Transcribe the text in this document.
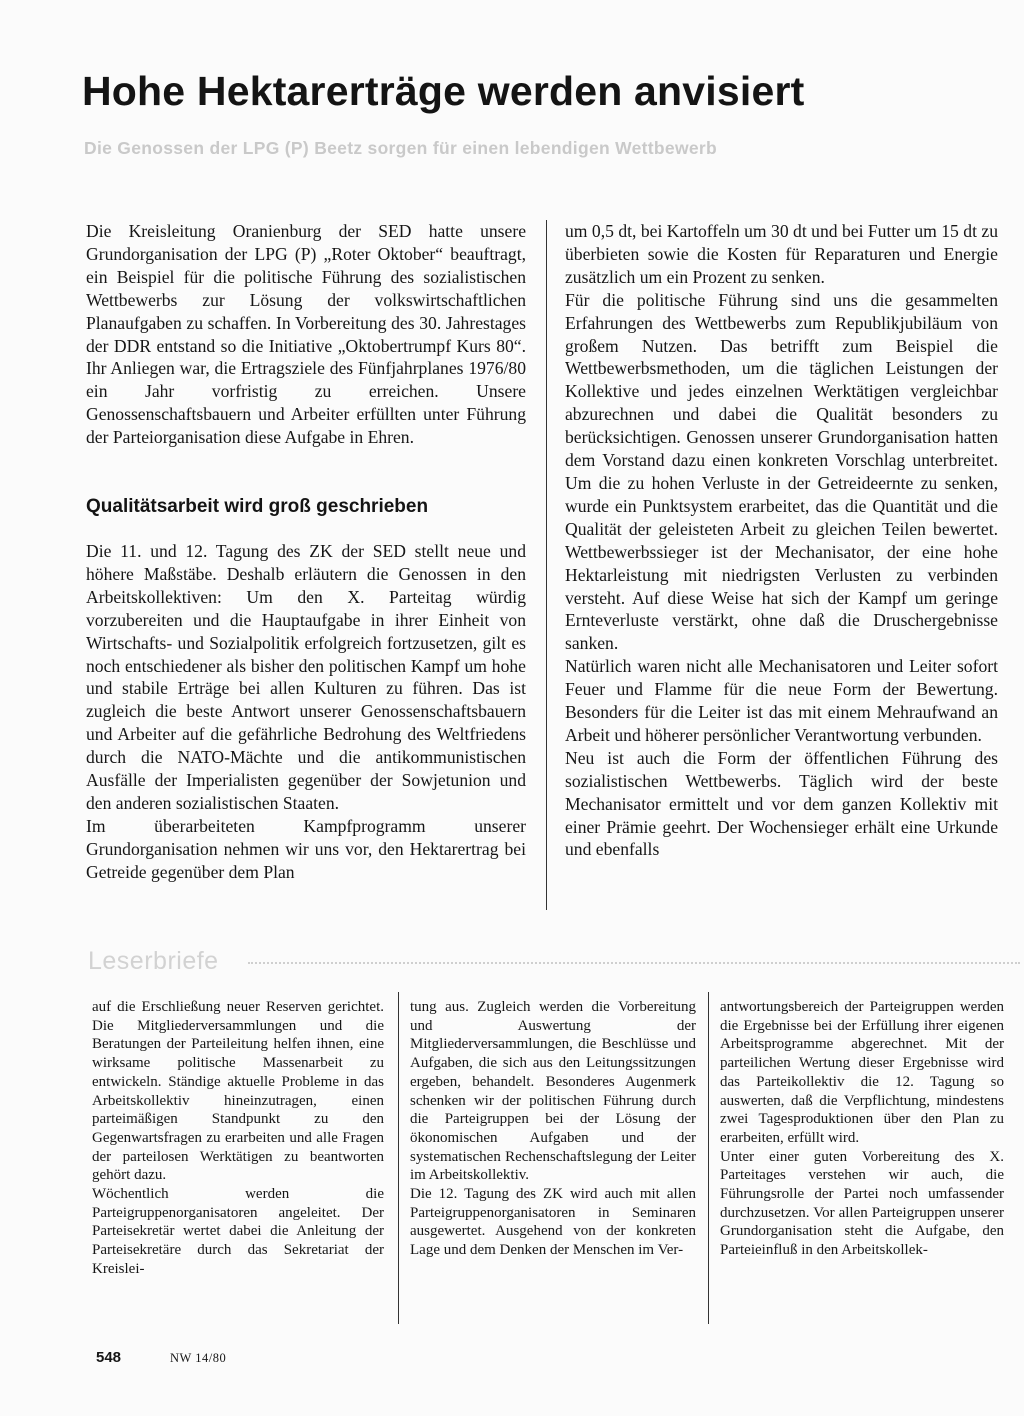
Hohe Hektarerträge werden anvisiert

Die Genossen der LPG (P) Beetz sorgen für einen lebendigen Wettbewerb

Die Kreisleitung Oranienburg der SED hatte unsere Grundorganisation der LPG (P) „Roter Oktober“ beauftragt, ein Beispiel für die politische Führung des sozialistischen Wettbewerbs zur Lösung der volkswirtschaftlichen Planaufgaben zu schaffen. In Vorbereitung des 30. Jahrestages der DDR entstand so die Initiative „Oktobertrumpf Kurs 80“. Ihr Anliegen war, die Ertragsziele des Fünfjahrplanes 1976/80 ein Jahr vorfristig zu erreichen. Unsere Genossenschaftsbauern und Arbeiter erfüllten unter Führung der Parteiorganisation diese Aufgabe in Ehren.

Qualitätsarbeit wird groß geschrieben

Die 11. und 12. Tagung des ZK der SED stellt neue und höhere Maßstäbe. Deshalb erläutern die Genossen in den Arbeitskollektiven: Um den X. Parteitag würdig vorzubereiten und die Hauptaufgabe in ihrer Einheit von Wirtschafts- und Sozialpolitik erfolgreich fortzusetzen, gilt es noch entschiedener als bisher den politischen Kampf um hohe und stabile Erträge bei allen Kulturen zu führen. Das ist zugleich die beste Antwort unserer Genossenschaftsbauern und Arbeiter auf die gefährliche Bedrohung des Weltfriedens durch die NATO-Mächte und die antikommunistischen Ausfälle der Imperialisten gegenüber der Sowjetunion und den anderen sozialistischen Staaten.

Im überarbeiteten Kampfprogramm unserer Grundorganisation nehmen wir uns vor, den Hektarertrag bei Getreide gegenüber dem Plan

um 0,5 dt, bei Kartoffeln um 30 dt und bei Futter um 15 dt zu überbieten sowie die Kosten für Reparaturen und Energie zusätzlich um ein Prozent zu senken.

Für die politische Führung sind uns die gesammelten Erfahrungen des Wettbewerbs zum Republikjubiläum von großem Nutzen. Das betrifft zum Beispiel die Wettbewerbsmethoden, um die täglichen Leistungen der Kollektive und jedes einzelnen Werktätigen vergleichbar abzurechnen und dabei die Qualität besonders zu berücksichtigen. Genossen unserer Grundorganisation hatten dem Vorstand dazu einen konkreten Vorschlag unterbreitet. Um die zu hohen Verluste in der Getreideernte zu senken, wurde ein Punktsystem erarbeitet, das die Quantität und die Qualität der geleisteten Arbeit zu gleichen Teilen bewertet. Wettbewerbssieger ist der Mechanisator, der eine hohe Hektarleistung mit niedrigsten Verlusten zu verbinden versteht. Auf diese Weise hat sich der Kampf um geringe Ernteverluste verstärkt, ohne daß die Druschergebnisse sanken.

Natürlich waren nicht alle Mechanisatoren und Leiter sofort Feuer und Flamme für die neue Form der Bewertung. Besonders für die Leiter ist das mit einem Mehraufwand an Arbeit und höherer persönlicher Verantwortung verbunden.

Neu ist auch die Form der öffentlichen Führung des sozialistischen Wettbewerbs. Täglich wird der beste Mechanisator ermittelt und vor dem ganzen Kollektiv mit einer Prämie geehrt. Der Wochensieger erhält eine Urkunde und ebenfalls

Leserbriefe

auf die Erschließung neuer Reserven gerichtet. Die Mitgliederversammlungen und die Beratungen der Parteileitung helfen ihnen, eine wirksame politische Massenarbeit zu entwickeln. Ständige aktuelle Probleme in das Arbeitskollektiv hineinzutragen, einen parteimäßigen Standpunkt zu den Gegenwartsfragen zu erarbeiten und alle Fragen der parteilosen Werktätigen zu beantworten gehört dazu.

Wöchentlich werden die Parteigruppenorganisatoren angeleitet. Der Parteisekretär wertet dabei die Anleitung der Parteisekretäre durch das Sekretariat der Kreislei-

tung aus. Zugleich werden die Vorbereitung und Auswertung der Mitgliederversammlungen, die Beschlüsse und Aufgaben, die sich aus den Leitungssitzungen ergeben, behandelt. Besonderes Augenmerk schenken wir der politischen Führung durch die Parteigruppen bei der Lösung der ökonomischen Aufgaben und der systematischen Rechenschaftslegung der Leiter im Arbeitskollektiv.

Die 12. Tagung des ZK wird auch mit allen Parteigruppenorganisatoren in Seminaren ausgewertet. Ausgehend von der konkreten Lage und dem Denken der Menschen im Ver-

antwortungsbereich der Parteigruppen werden die Ergebnisse bei der Erfüllung ihrer eigenen Arbeitsprogramme abgerechnet. Mit der parteilichen Wertung dieser Ergebnisse wird das Parteikollektiv die 12. Tagung so auswerten, daß die Verpflichtung, mindestens zwei Tagesproduktionen über den Plan zu erarbeiten, erfüllt wird.

Unter einer guten Vorbereitung des X. Parteitages verstehen wir auch, die Führungsrolle der Partei noch umfassender durchzusetzen. Vor allen Parteigruppen unserer Grundorganisation steht die Aufgabe, den Parteieinfluß in den Arbeitskollek-

548	NW 14/80
